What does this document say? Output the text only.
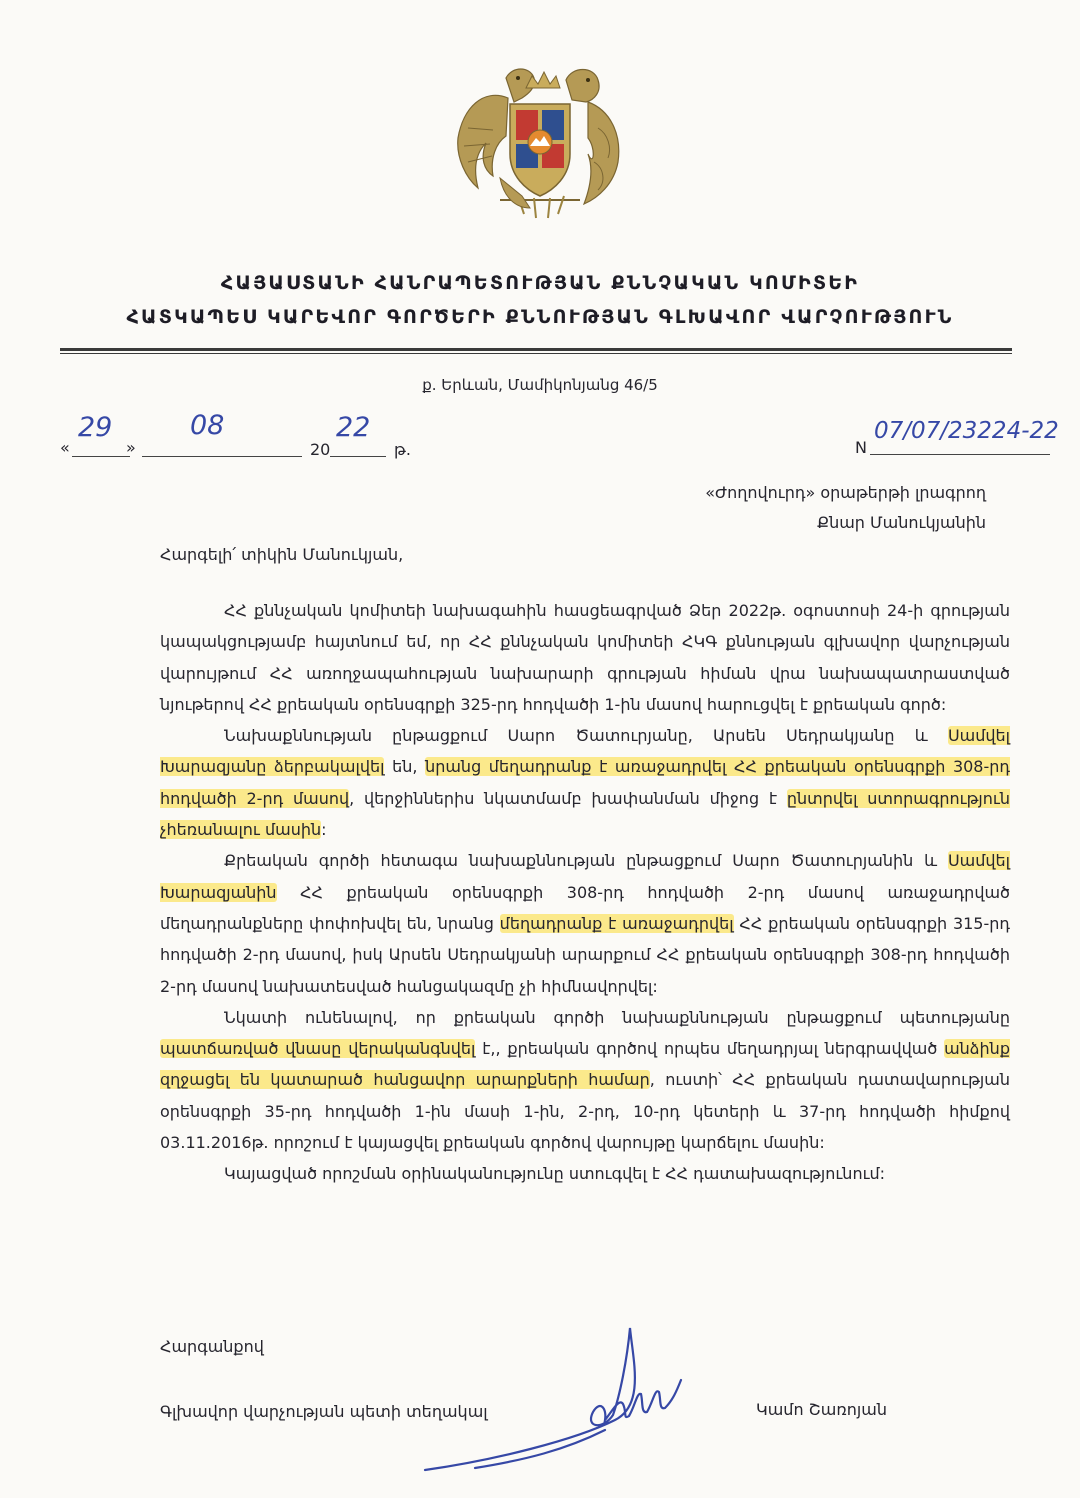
ՀԱՅԱՍՏԱՆԻ ՀԱՆՐԱՊԵՏՈՒԹՅԱՆ ՔՆՆՉԱԿԱՆ ԿՈՄԻՏԵԻ
ՀԱՏԿԱՊԵՍ ԿԱՐԵՎՈՐ ԳՈՐԾԵՐԻ ՔՆՆՈՒԹՅԱՆ ԳԼԽԱՎՈՐ ՎԱՐՉՈՒԹՅՈՒՆ
ք. Երևան, Մամիկոնյանց 46/5
«
29
»
08
20
22
թ.	N
07/07/23224-22
«Ժողովուրդ» օրաթերթի լրագրող
Քնար Մանուկյանին
Հարգելի՛ տիկին Մանուկյան,

ՀՀ քննչական կոմիտեի նախագահին հասցեագրված Ձեր 2022թ. օգոստոսի 24-ի գրության կապակցությամբ հայտնում եմ, որ ՀՀ քննչական կոմիտեի ՀԿԳ քննության գլխավոր վարչության վարույթում ՀՀ առողջապահության նախարարի գրության հիման վրա նախապատրաստված նյութերով ՀՀ քրեական օրենսգրքի 325-րդ հոդվածի 1-ին մասով հարուցվել է քրեական գործ:

Նախաքննության ընթացքում Սարո Ծատուրյանը, Արսեն Սեդրակյանը և Սամվել Խարազյանը ձերբակալվել են, նրանց մեղադրանք է առաջադրվել ՀՀ քրեական օրենսգրքի 308-րդ հոդվածի 2-րդ մասով, վերջիններիս նկատմամբ խափանման միջոց է ընտրվել ստորագրություն չհեռանալու մասին:

Քրեական գործի հետագա նախաքննության ընթացքում Սարո Ծատուրյանին և Սամվել Խարազյանին ՀՀ քրեական օրենսգրքի 308-րդ հոդվածի 2-րդ մասով առաջադրված մեղադրանքները փոփոխվել են, նրանց մեղադրանք է առաջադրվել ՀՀ քրեական օրենսգրքի 315-րդ հոդվածի 2-րդ մասով, իսկ Արսեն Սեդրակյանի արարքում ՀՀ քրեական օրենսգրքի 308-րդ հոդվածի 2-րդ մասով նախատեսված հանցակազմը չի հիմնավորվել:

Նկատի ունենալով, որ քրեական գործի նախաքննության ընթացքում պետությանը պատճառված վնասը վերականգնվել է,, քրեական գործով որպես մեղադրյալ ներգրավված անձինք զղջացել են կատարած հանցավոր արարքների համար, ուստի՝ ՀՀ քրեական դատավարության օրենսգրքի 35-րդ հոդվածի 1-ին մասի 1-ին, 2-րդ, 10-րդ կետերի և 37-րդ հոդվածի հիմքով 03.11.2016թ. որոշում է կայացվել քրեական գործով վարույթը կարճելու մասին:

Կայացված որոշման օրինականությունը ստուգվել է ՀՀ դատախազությունում:

Հարգանքով
Գլխավոր վարչության պետի տեղակալ	Կամո Շառոյան
